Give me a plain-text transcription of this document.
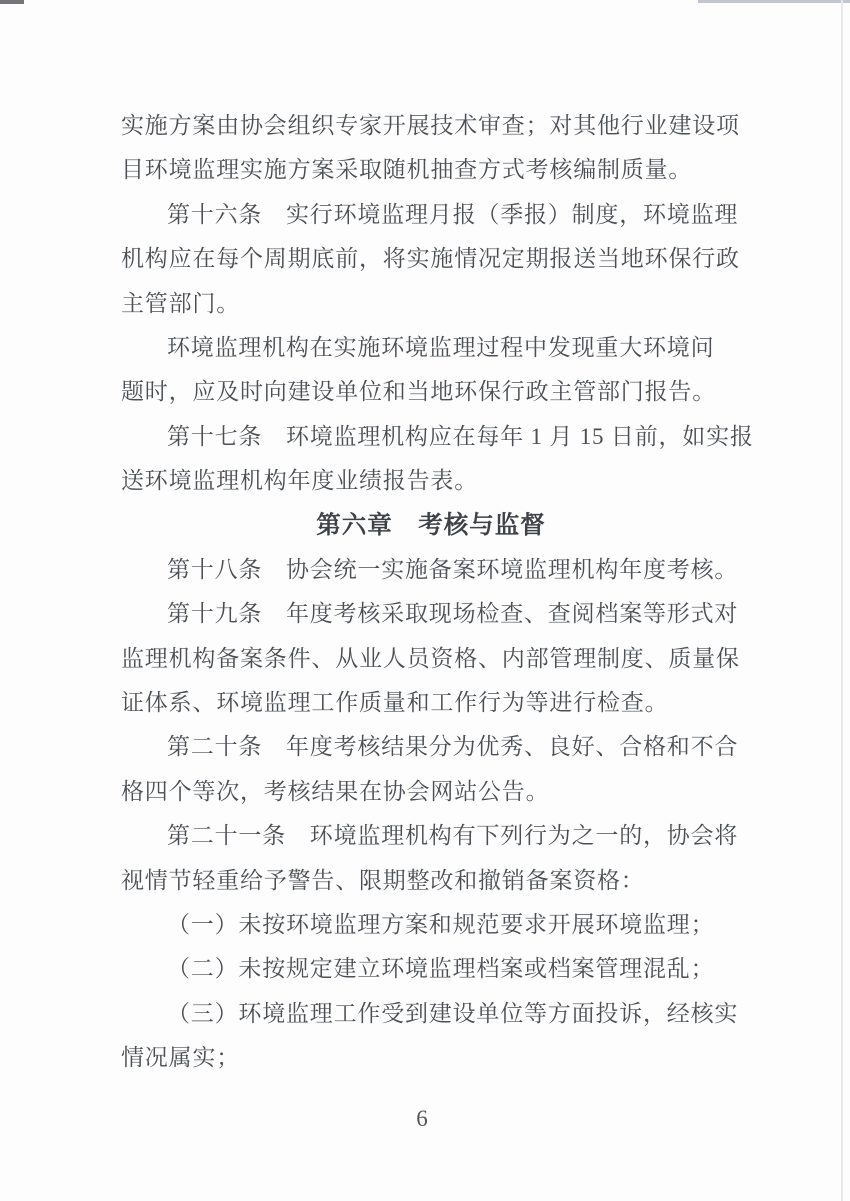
实施方案由协会组织专家开展技术审查；对其他行业建设项
目环境监理实施方案采取随机抽查方式考核编制质量。
第十六条　实行环境监理月报（季报）制度，环境监理
机构应在每个周期底前，将实施情况定期报送当地环保行政
主管部门。
环境监理机构在实施环境监理过程中发现重大环境问
题时，应及时向建设单位和当地环保行政主管部门报告。
第十七条　环境监理机构应在每年 1 月 15 日前，如实报
送环境监理机构年度业绩报告表。
第六章　考核与监督
第十八条　协会统一实施备案环境监理机构年度考核。
第十九条　年度考核采取现场检查、查阅档案等形式对
监理机构备案条件、从业人员资格、内部管理制度、质量保
证体系、环境监理工作质量和工作行为等进行检查。
第二十条　年度考核结果分为优秀、良好、合格和不合
格四个等次，考核结果在协会网站公告。
第二十一条　环境监理机构有下列行为之一的，协会将
视情节轻重给予警告、限期整改和撤销备案资格：
（一）未按环境监理方案和规范要求开展环境监理；
（二）未按规定建立环境监理档案或档案管理混乱；
（三）环境监理工作受到建设单位等方面投诉，经核实
情况属实；
6
